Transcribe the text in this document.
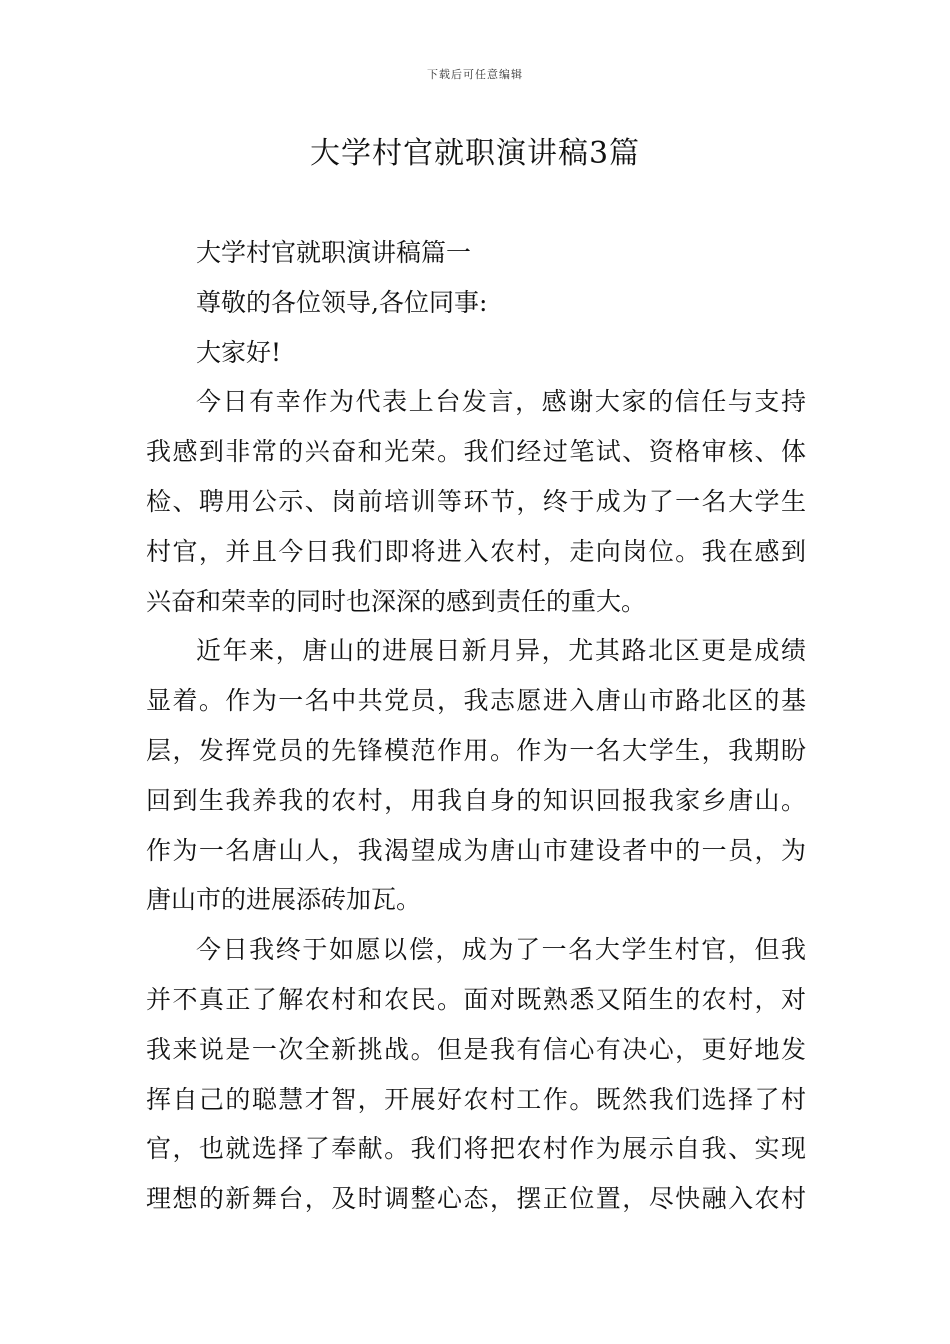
下载后可任意编辑
大学村官就职演讲稿3篇
大学村官就职演讲稿篇一
尊敬的各位领导,各位同事:
大家好!
今日有幸作为代表上台发言，感谢大家的信任与支持
我感到非常的兴奋和光荣。我们经过笔试、资格审核、体
检、聘用公示、岗前培训等环节，终于成为了一名大学生
村官，并且今日我们即将进入农村，走向岗位。我在感到
兴奋和荣幸的同时也深深的感到责任的重大。
近年来，唐山的进展日新月异，尤其路北区更是成绩
显着。作为一名中共党员，我志愿进入唐山市路北区的基
层，发挥党员的先锋模范作用。作为一名大学生，我期盼
回到生我养我的农村，用我自身的知识回报我家乡唐山。
作为一名唐山人，我渴望成为唐山市建设者中的一员，为
唐山市的进展添砖加瓦。
今日我终于如愿以偿，成为了一名大学生村官，但我
并不真正了解农村和农民。面对既熟悉又陌生的农村，对
我来说是一次全新挑战。但是我有信心有决心，更好地发
挥自己的聪慧才智，开展好农村工作。既然我们选择了村
官，也就选择了奉献。我们将把农村作为展示自我、实现
理想的新舞台，及时调整心态，摆正位置，尽快融入农村
